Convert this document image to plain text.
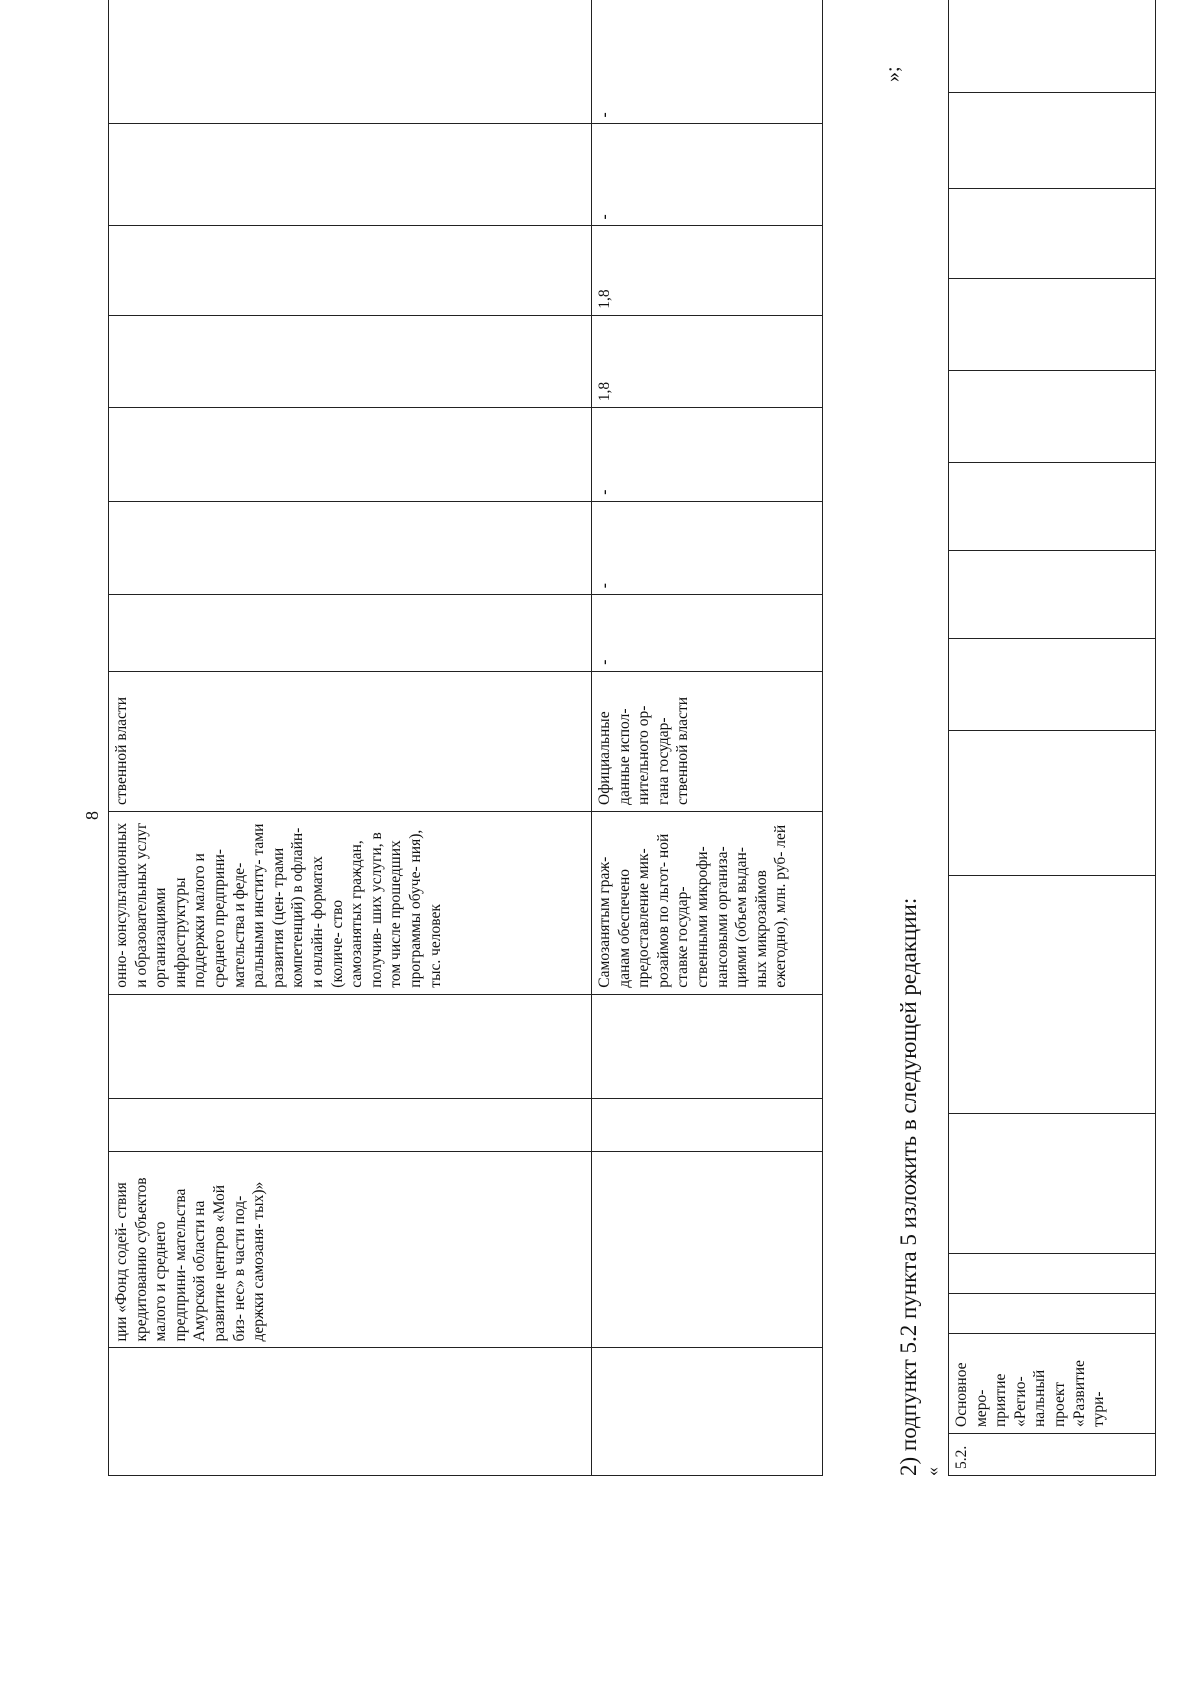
8
	ции «Фонд содей- ствия кредитованию субъектов малого и среднего предприни- мательства Амурской области на развитие центров «Мой биз- нес» в части под- держки самозаня- тых)»			онно- консультационных и образовательных услуг организациями инфраструктуры поддержки малого и среднего предприни- мательства и феде- ральными институ- тами развития (цен- трами компетенций) в офлайн- и онлайн- форматах (количе- ство самозанятых граждан, получив- ших услуги, в том числе прошедших программы обуче- ния), тыс. человек	ственной власти							
				Самозанятым граж- данам обеспечено предоставление мик- розаймов по льгот- ной ставке государ- ственными микрофи- нансовыми организа- циями (объем выдан- ных микрозаймов ежегодно), млн. руб- лей	Официальные данные испол- нительного ор- гана государ- ственной власти	-	-	-	1,8	1,8	-	-
»;
2) подпункт 5.2 пункта 5 изложить в следующей редакции: «
5.2.	Основное меро- приятие «Регио- нальный проект «Развитие тури-													
